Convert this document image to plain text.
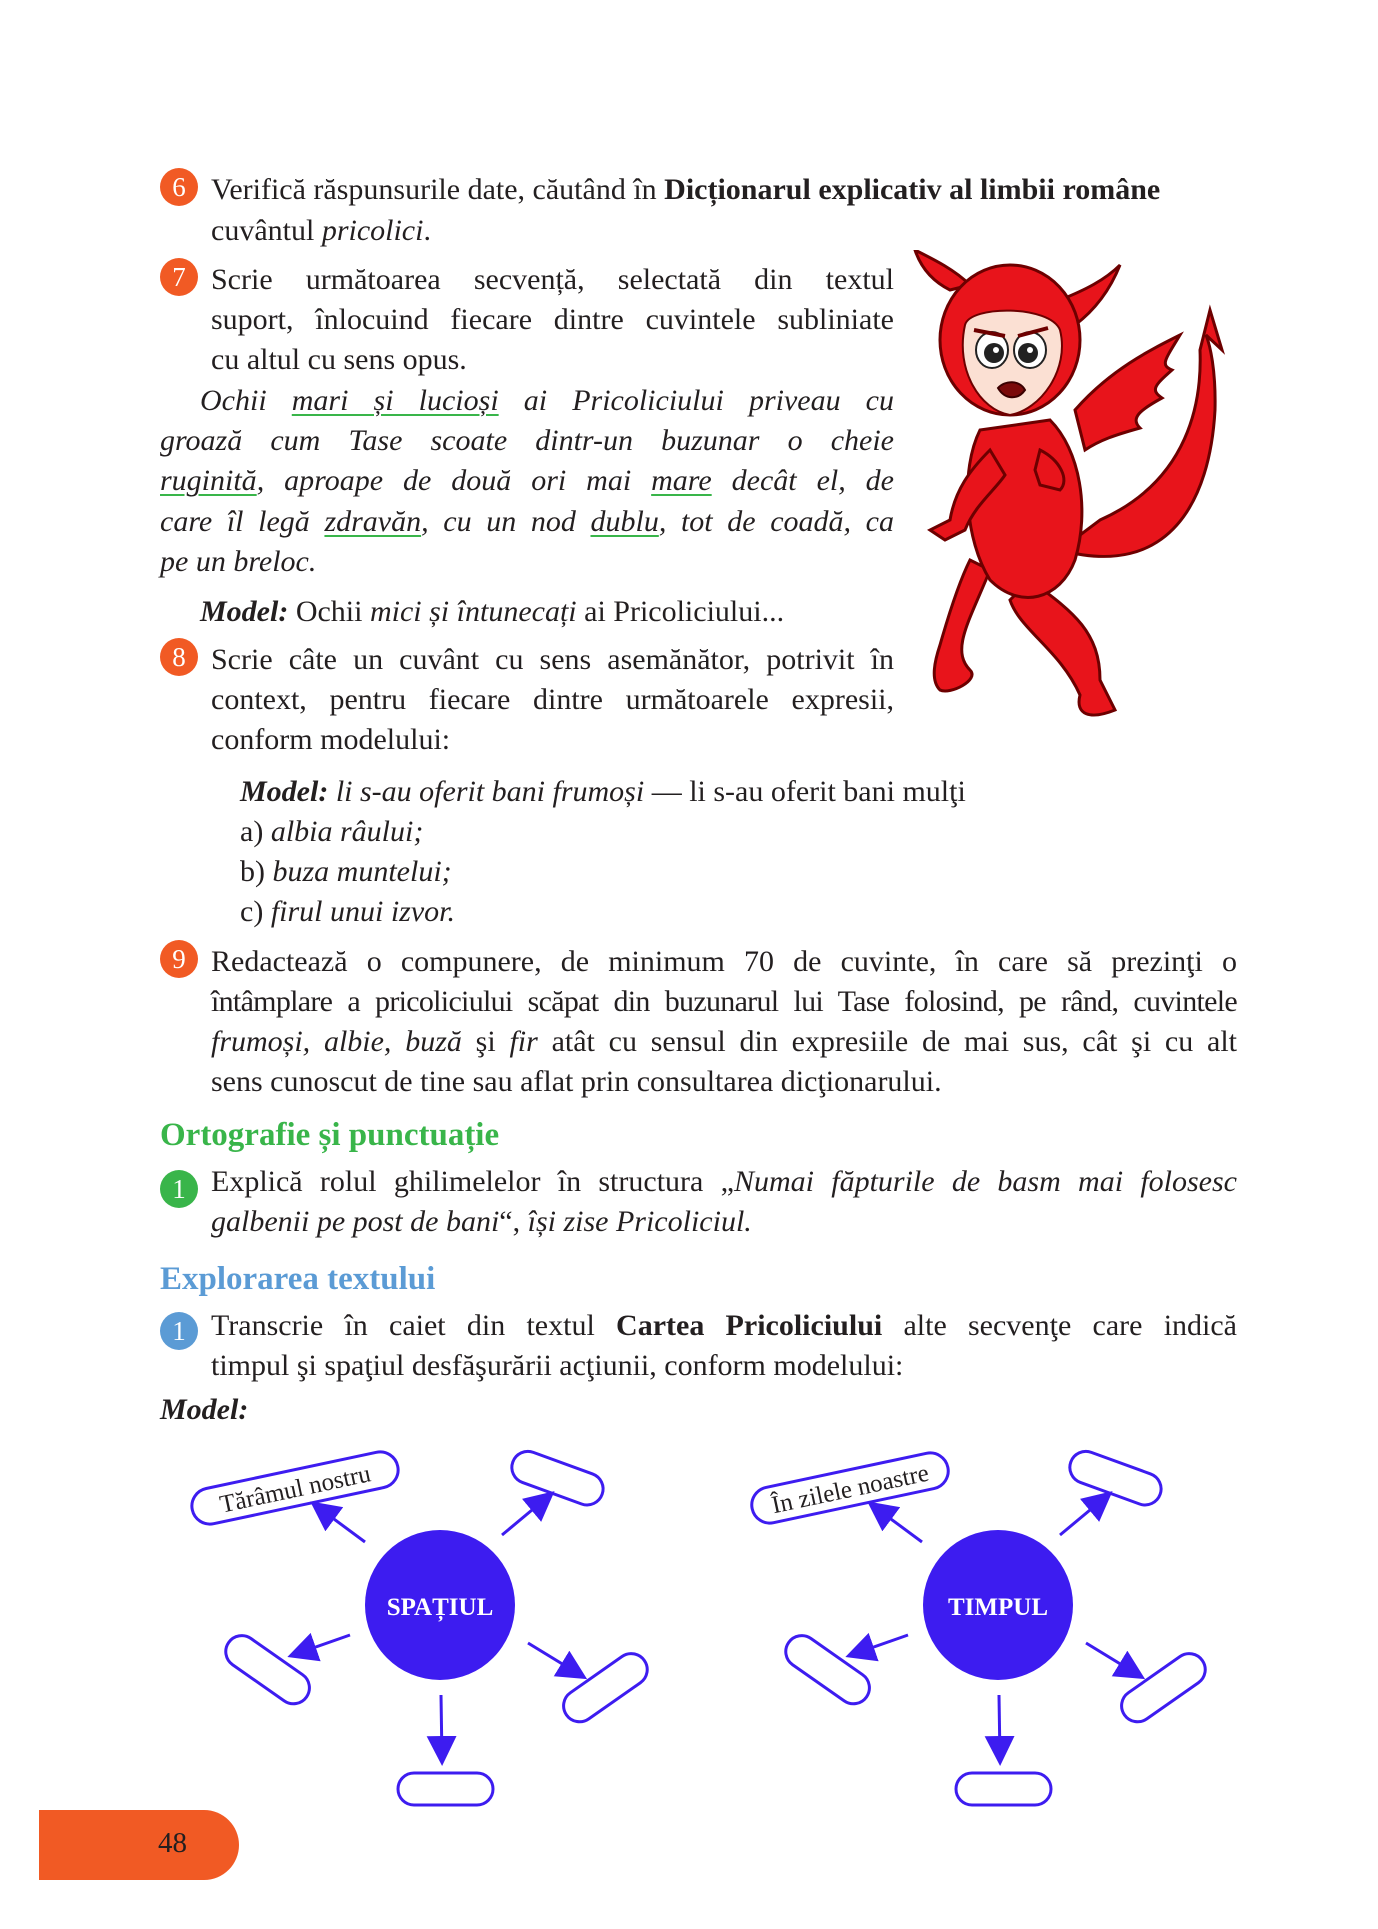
6 Verifică răspunsurile date, căutând în Dicționarul explicativ al limbii române
cuvântul pricolici.
7 Scrie următoarea secvență, selectată din textul
suport, înlocuind fiecare dintre cuvintele subliniate
cu altul cu sens opus.
Ochii mari și lucioși ai Pricoliciului priveau cu
groază cum Tase scoate dintr-un buzunar o cheie
ruginită, aproape de două ori mai mare decât el, de
care îl legă zdravăn, cu un nod dublu, tot de coadă, ca
pe un breloc.
Model: Ochii mici și întunecați ai Pricoliciului...
8 Scrie câte un cuvânt cu sens asemănător, potrivit în
context, pentru fiecare dintre următoarele expresii,
conform modelului:
Model: li s-au oferit bani frumoși — li s-au oferit bani mulţi
a) albia râului;
b) buza muntelui;
c) firul unui izvor.
9 Redactează o compunere, de minimum 70 de cuvinte, în care să prezinţi o
întâmplare a pricoliciului scăpat din buzunarul lui Tase folosind, pe rând, cuvintele
frumoși, albie, buză şi fir atât cu sensul din expresiile de mai sus, cât şi cu alt
sens cunoscut de tine sau aflat prin consultarea dicţionarului.
Ortografie și punctuație
1 Explică rolul ghilimelelor în structura „Numai făpturile de basm mai folosesc
galbenii pe post de bani“, își zise Pricoliciul.
Explorarea textului
1 Transcrie în caiet din textul Cartea Pricoliciului alte secvenţe care indică
timpul şi spaţiul desfăşurării acţiunii, conform modelului:
Model:
SPAȚIUL
Tărâmul nostru
TIMPUL
În zilele noastre
48
